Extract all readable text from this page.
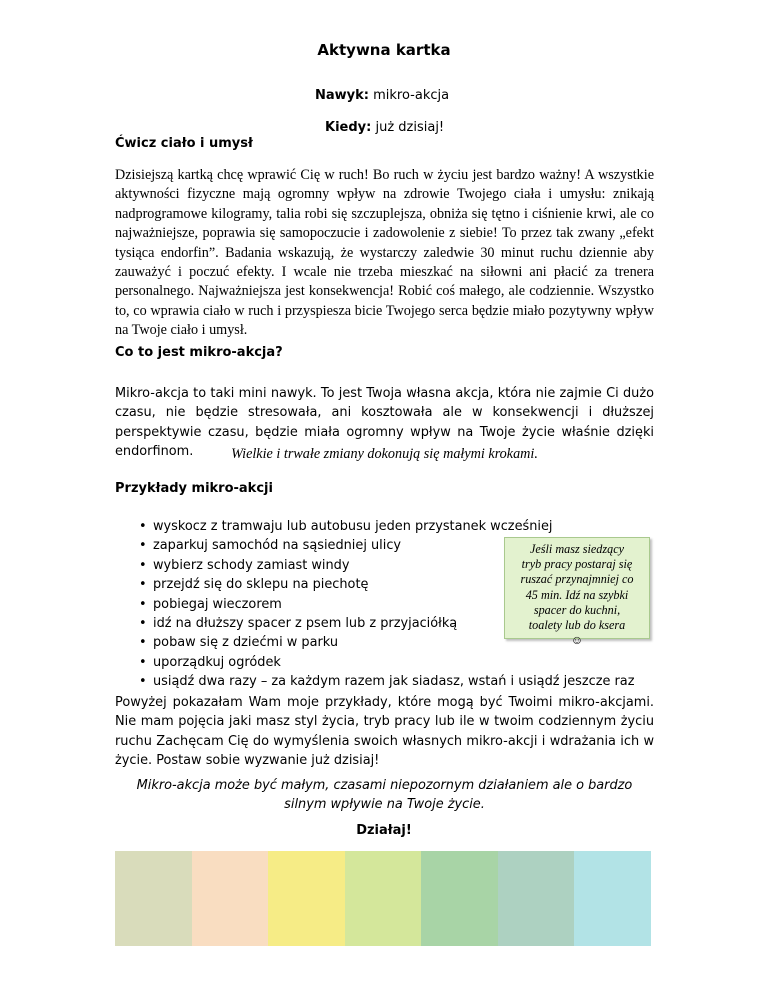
Aktywna kartka

Nawyk: mikro-akcja

Kiedy: już dzisiaj!

Ćwicz ciało i umysł

Dzisiejszą kartką chcę wprawić Cię w ruch! Bo ruch w życiu jest bardzo ważny! A wszystkie aktywności fizyczne mają ogromny wpływ na zdrowie Twojego ciała i umysłu: znikają nadprogramowe kilogramy, talia robi się szczuplejsza, obniża się tętno i ciśnienie krwi, ale co najważniejsze, poprawia się samopoczucie i zadowolenie z siebie! To przez tak zwany „efekt tysiąca endorfin”. Badania wskazują, że wystarczy zaledwie 30 minut ruchu dziennie aby zauważyć i poczuć efekty. I wcale nie trzeba mieszkać na siłowni ani płacić za trenera personalnego. Najważniejsza jest konsekwencja! Robić coś małego, ale codziennie. Wszystko to, co wprawia ciało w ruch i przyspiesza bicie Twojego serca będzie miało pozytywny wpływ na Twoje ciało i umysł.

Co to jest mikro-akcja?

Mikro-akcja to taki mini nawyk. To jest Twoja własna akcja, która nie zajmie Ci dużo czasu, nie będzie stresowała, ani kosztowała ale w konsekwencji i dłuższej perspektywie czasu, będzie miała ogromny wpływ na Twoje życie właśnie dzięki endorfinom.	Wielkie i trwałe zmiany dokonują się małymi krokami.

Przykłady mikro-akcji
• wyskocz z tramwaju lub autobusu jeden przystanek wcześniej
• zaparkuj samochód na sąsiedniej ulicy
• wybierz schody zamiast windy
• przejdź się do sklepu na piechotę
• pobiegaj wieczorem
• idź na dłuższy spacer z psem lub z przyjaciółką
• pobaw się z dziećmi w parku
• uporządkuj ogródek
• usiądź dwa razy – za każdym razem jak siadasz, wstań i usiądź jeszcze raz
Jeśli masz siedzący
tryb pracy postaraj się
ruszać przynajmniej co
45 min. Idź na szybki
spacer do kuchni,
toalety lub do ksera
☺

Powyżej pokazałam Wam moje przykłady, które mogą być Twoimi mikro-akcjami. Nie mam pojęcia jaki masz styl życia, tryb pracy lub ile w twoim codziennym życiu ruchu Zachęcam Cię do wymyślenia swoich własnych mikro-akcji i wdrażania ich w życie. Postaw sobie wyzwanie już dzisiaj!

Mikro-akcja może być małym, czasami niepozornym działaniem ale o bardzo
silnym wpływie na Twoje życie.

Działaj!
